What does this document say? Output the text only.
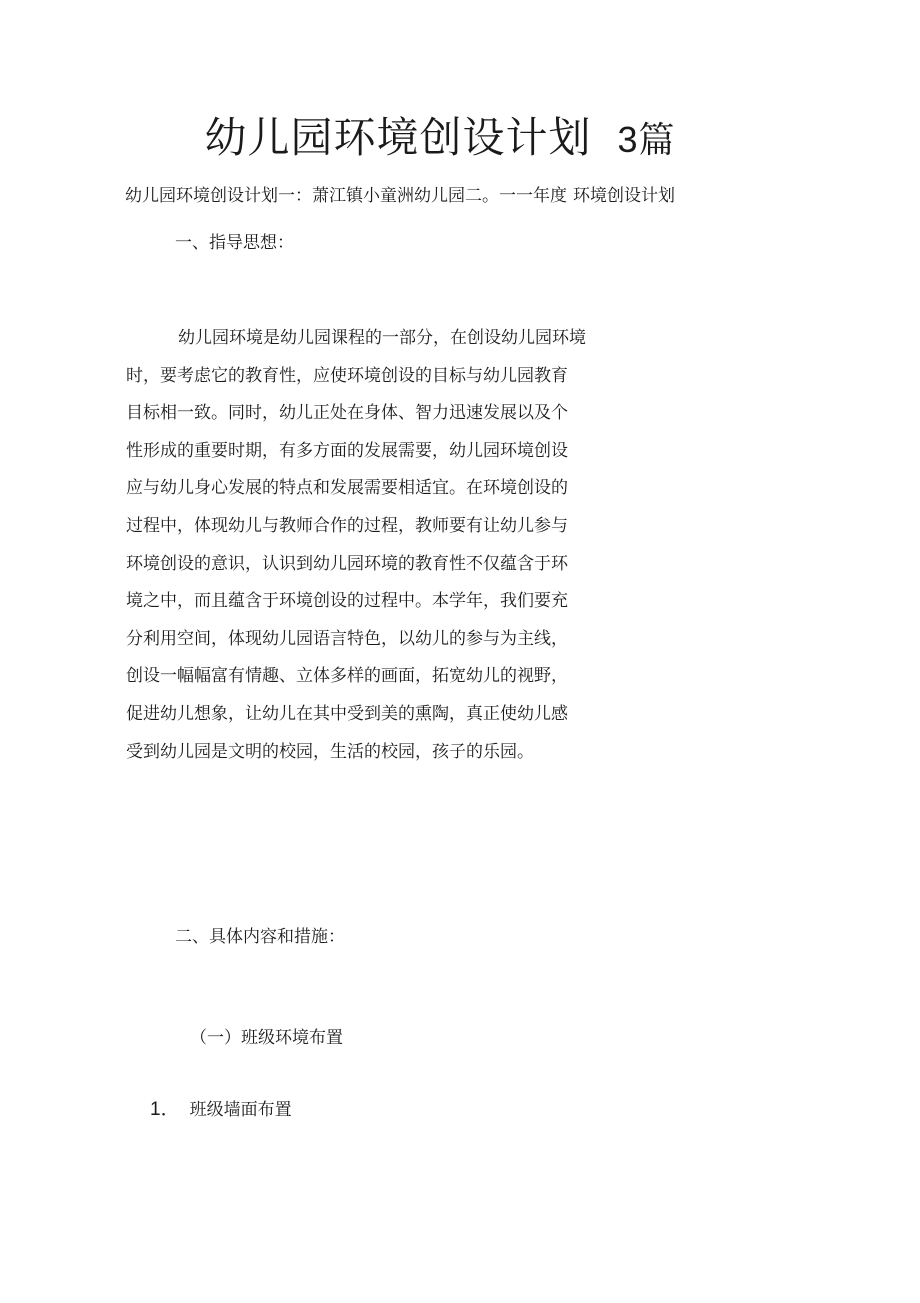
幼儿园环境创设计划 3篇
幼儿园环境创设计划一：萧江镇小童洲幼儿园二。一一年度 环境创设计划
一、指导思想：
幼儿园环境是幼儿园课程的一部分，在创设幼儿园环境
时，要考虑它的教育性，应使环境创设的目标与幼儿园教育
目标相一致。同时，幼儿正处在身体、智力迅速发展以及个
性形成的重要时期，有多方面的发展需要，幼儿园环境创设
应与幼儿身心发展的特点和发展需要相适宜。在环境创设的
过程中，体现幼儿与教师合作的过程，教师要有让幼儿参与
环境创设的意识，认识到幼儿园环境的教育性不仅蕴含于环
境之中，而且蕴含于环境创设的过程中。本学年，我们要充
分利用空间，体现幼儿园语言特色，以幼儿的参与为主线，
创设一幅幅富有情趣、立体多样的画面，拓宽幼儿的视野，
促进幼儿想象，让幼儿在其中受到美的熏陶，真正使幼儿感
受到幼儿园是文明的校园，生活的校园，孩子的乐园。
二、具体内容和措施：
（一）班级环境布置
1． 班级墙面布置
